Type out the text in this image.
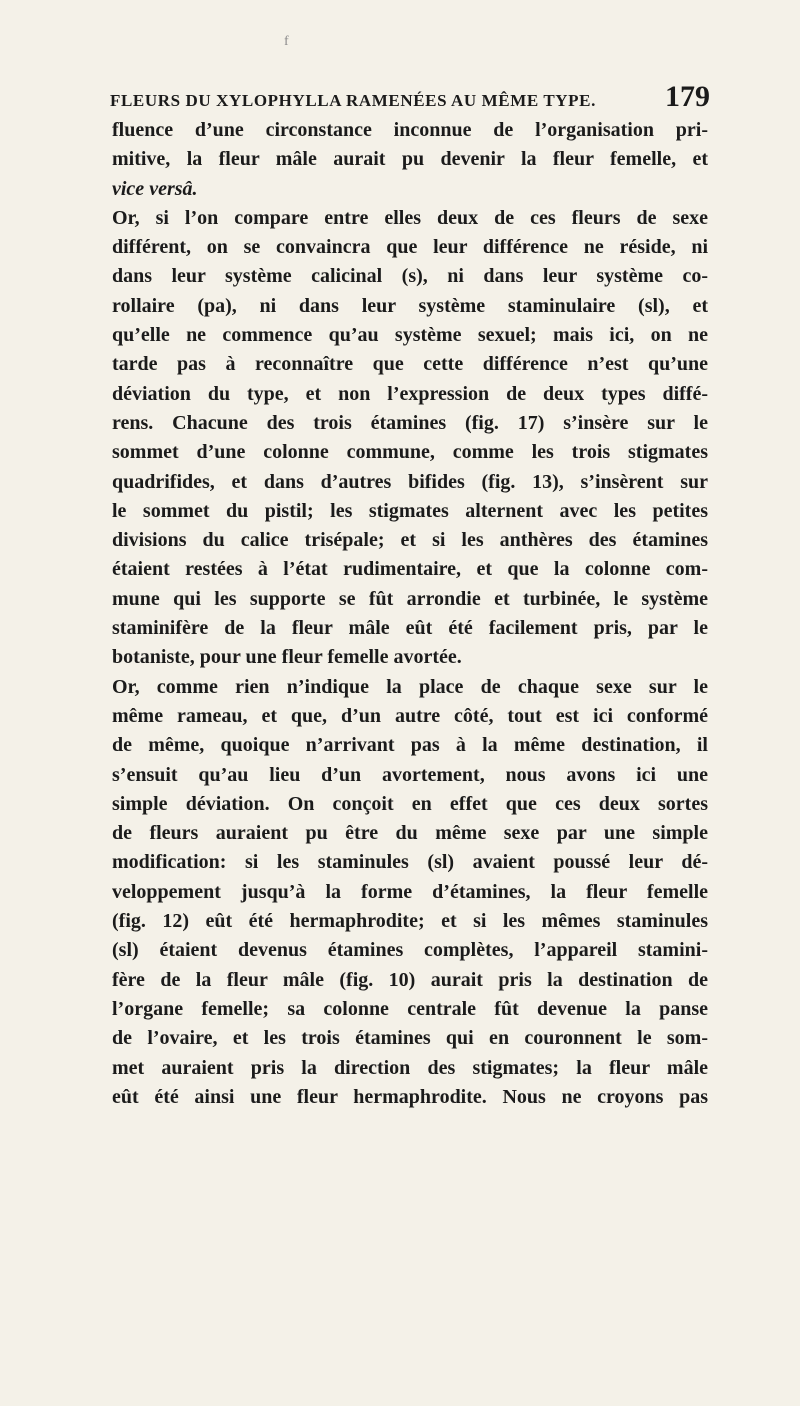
f
FLEURS DU XYLOPHYLLA RAMENÉES AU MÊME TYPE. 179
fluence d’une circonstance inconnue de l’organisation pri-
mitive, la fleur mâle aurait pu devenir la fleur femelle, et
vice versâ.
Or, si l’on compare entre elles deux de ces fleurs de sexe
différent, on se convaincra que leur différence ne réside, ni
dans leur système calicinal (s), ni dans leur système co-
rollaire (pa), ni dans leur système staminulaire (sl), et
qu’elle ne commence qu’au système sexuel; mais ici, on ne
tarde pas à reconnaître que cette différence n’est qu’une
déviation du type, et non l’expression de deux types diffé-
rens. Chacune des trois étamines (fig. 17) s’insère sur le
sommet d’une colonne commune, comme les trois stigmates
quadrifides, et dans d’autres bifides (fig. 13), s’insèrent sur
le sommet du pistil; les stigmates alternent avec les petites
divisions du calice trisépale; et si les anthères des étamines
étaient restées à l’état rudimentaire, et que la colonne com-
mune qui les supporte se fût arrondie et turbinée, le système
staminifère de la fleur mâle eût été facilement pris, par le
botaniste, pour une fleur femelle avortée.
Or, comme rien n’indique la place de chaque sexe sur le
même rameau, et que, d’un autre côté, tout est ici conformé
de même, quoique n’arrivant pas à la même destination, il
s’ensuit qu’au lieu d’un avortement, nous avons ici une
simple déviation. On conçoit en effet que ces deux sortes
de fleurs auraient pu être du même sexe par une simple
modification: si les staminules (sl) avaient poussé leur dé-
veloppement jusqu’à la forme d’étamines, la fleur femelle
(fig. 12) eût été hermaphrodite; et si les mêmes staminules
(sl) étaient devenus étamines complètes, l’appareil stamini-
fère de la fleur mâle (fig. 10) aurait pris la destination de
l’organe femelle; sa colonne centrale fût devenue la panse
de l’ovaire, et les trois étamines qui en couronnent le som-
met auraient pris la direction des stigmates; la fleur mâle
eût été ainsi une fleur hermaphrodite. Nous ne croyons pas
